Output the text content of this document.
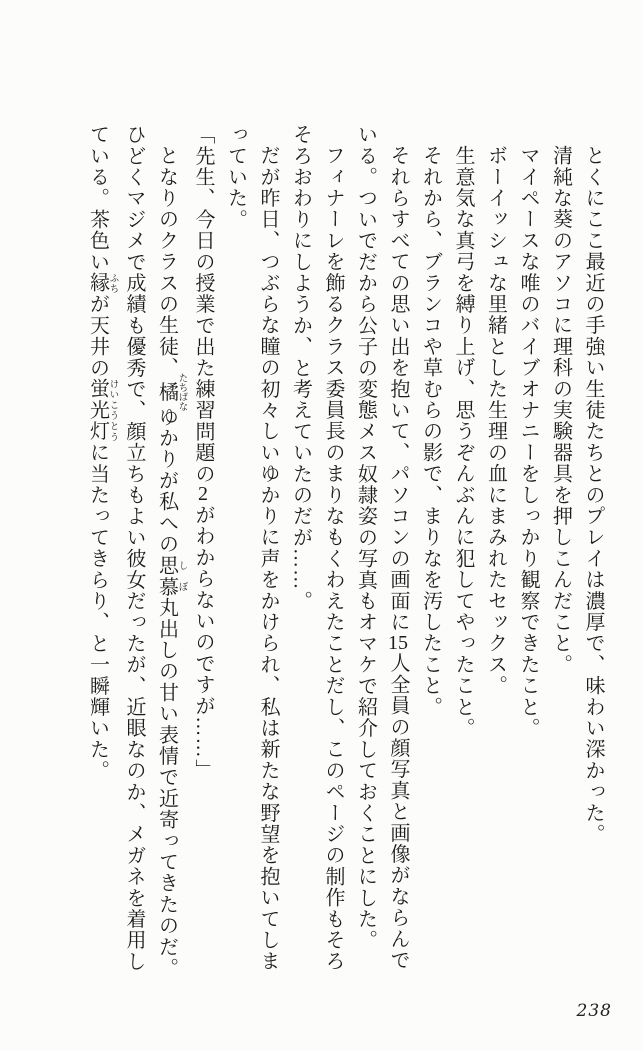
とくにここ最近の手強い生徒たちとのプレイは濃厚で、味わい深かった。
清純な葵のアソコに理科の実験器具を押しこんだこと。
マイペースな唯のバイブオナニーをしっかり観察できたこと。
ボーイッシュな里緒とした生理の血にまみれたセックス。
生意気な真弓を縛り上げ、思うぞんぶんに犯してやったこと。
それから、ブランコや草むらの影で、まりなを汚したこと。
それらすべての思い出を抱いて、パソコンの画面に15人全員の顔写真と画像がならんで
いる。ついでだから公子の変態メス奴隷姿の写真もオマケで紹介しておくことにした。
フィナーレを飾るクラス委員長のまりなもくわえたことだし、このページの制作もそろ
そろおわりにしようか、と考えていたのだが……。
だが昨日、つぶらな瞳の初々しいゆかりに声をかけられ、私は新たな野望を抱いてしま
っていた。
「先生、今日の授業で出た練習問題の2がわからないのですが……」
となりのクラスの生徒、橘 たちばなゆかりが私への思慕 しぼ丸出しの甘い表情で近寄ってきたのだ。
ひどくマジメで成績も優秀で、顔立ちもよい彼女だったが、近眼なのか、メガネを着用し
ている。茶色い縁 ふちが天井の蛍光灯 けいこうとうに当たってきらり、と一瞬輝いた。
238
